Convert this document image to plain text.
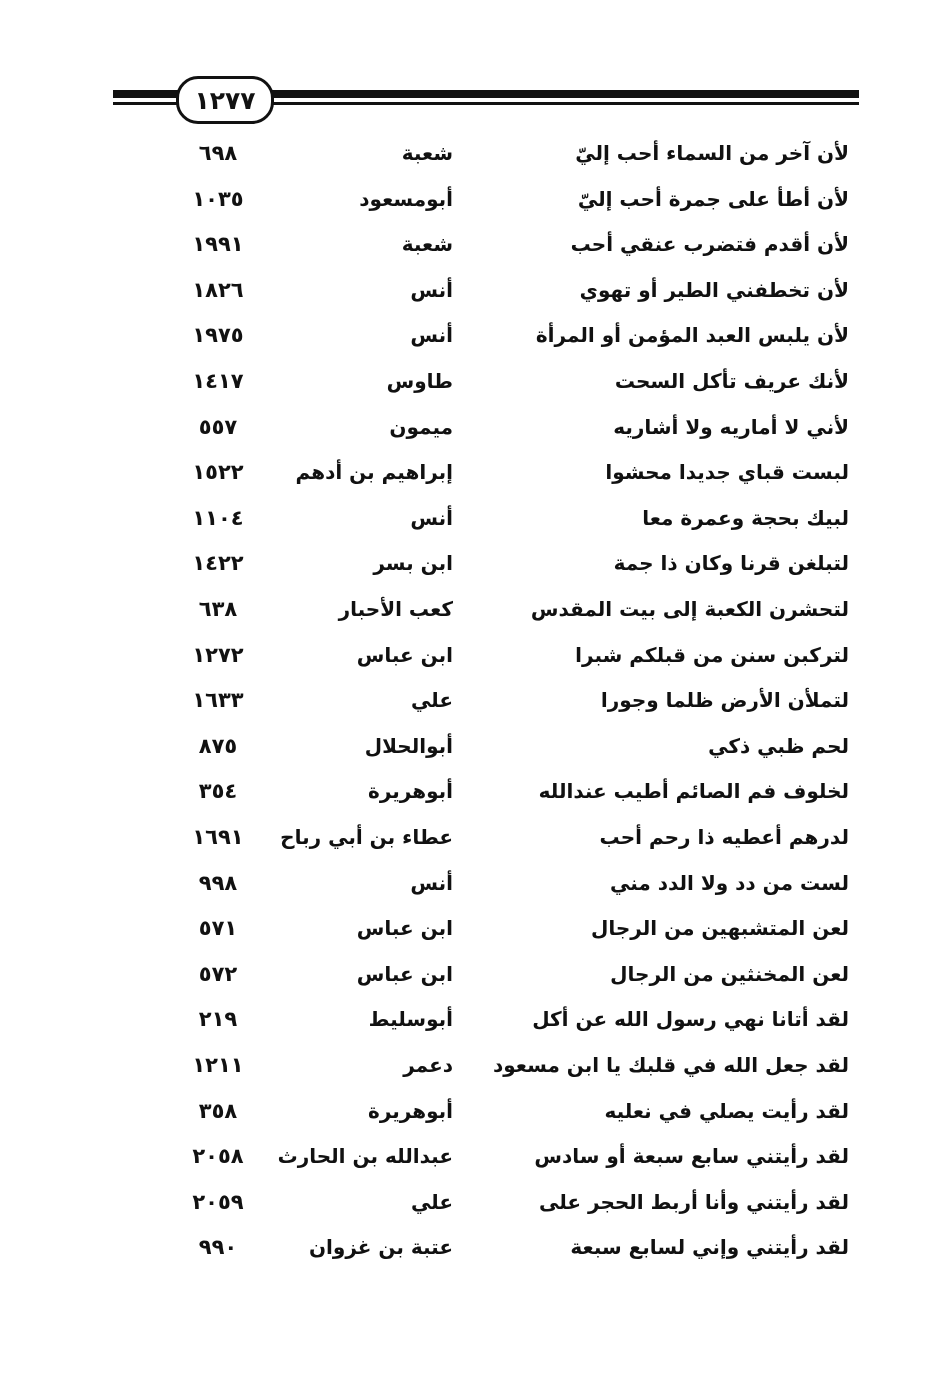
١٢٧٧
لأن آخر من السماء أحب إليّ
شعبة
٦٩٨
لأن أطأ على جمرة أحب إليّ
أبومسعود
١٠٣٥
لأن أقدم فتضرب عنقي أحب
شعبة
١٩٩١
لأن تخطفني الطير أو تهوي
أنس
١٨٢٦
لأن يلبس العبد المؤمن أو المرأة
أنس
١٩٧٥
لأنك عريف تأكل السحت
طاوس
١٤١٧
لأني لا أماريه ولا أشاريه
ميمون
٥٥٧
لبست قباي جديدا محشوا
إبراهيم بن أدهم
١٥٢٢
لبيك بحجة وعمرة معا
أنس
١١٠٤
لتبلغن قرنا وكان ذا جمة
ابن بسر
١٤٢٢
لتحشرن الكعبة إلى بيت المقدس
كعب الأحبار
٦٣٨
لتركبن سنن من قبلكم شبرا
ابن عباس
١٢٧٢
لتملأن الأرض ظلما وجورا
علي
١٦٣٣
لحم ظبي ذكي
أبوالحلال
٨٧٥
لخلوف فم الصائم أطيب عندالله
أبوهريرة
٣٥٤
لدرهم أعطيه ذا رحم أحب
عطاء بن أبي رباح
١٦٩١
لست من دد ولا الدد مني
أنس
٩٩٨
لعن المتشبهين من الرجال
ابن عباس
٥٧١
لعن المخنثين من الرجال
ابن عباس
٥٧٢
لقد أتانا نهي رسول الله عن أكل
أبوسليط
٢١٩
لقد جعل الله في قلبك يا ابن مسعود
دعمر
١٢١١
لقد رأيت يصلي في نعليه
أبوهريرة
٣٥٨
لقد رأيتني سابع سبعة أو سادس
عبدالله بن الحارث
٢٠٥٨
لقد رأيتني وأنا أربط الحجر على
علي
٢٠٥٩
لقد رأيتني وإني لسابع سبعة
عتبة بن غزوان
٩٩٠
